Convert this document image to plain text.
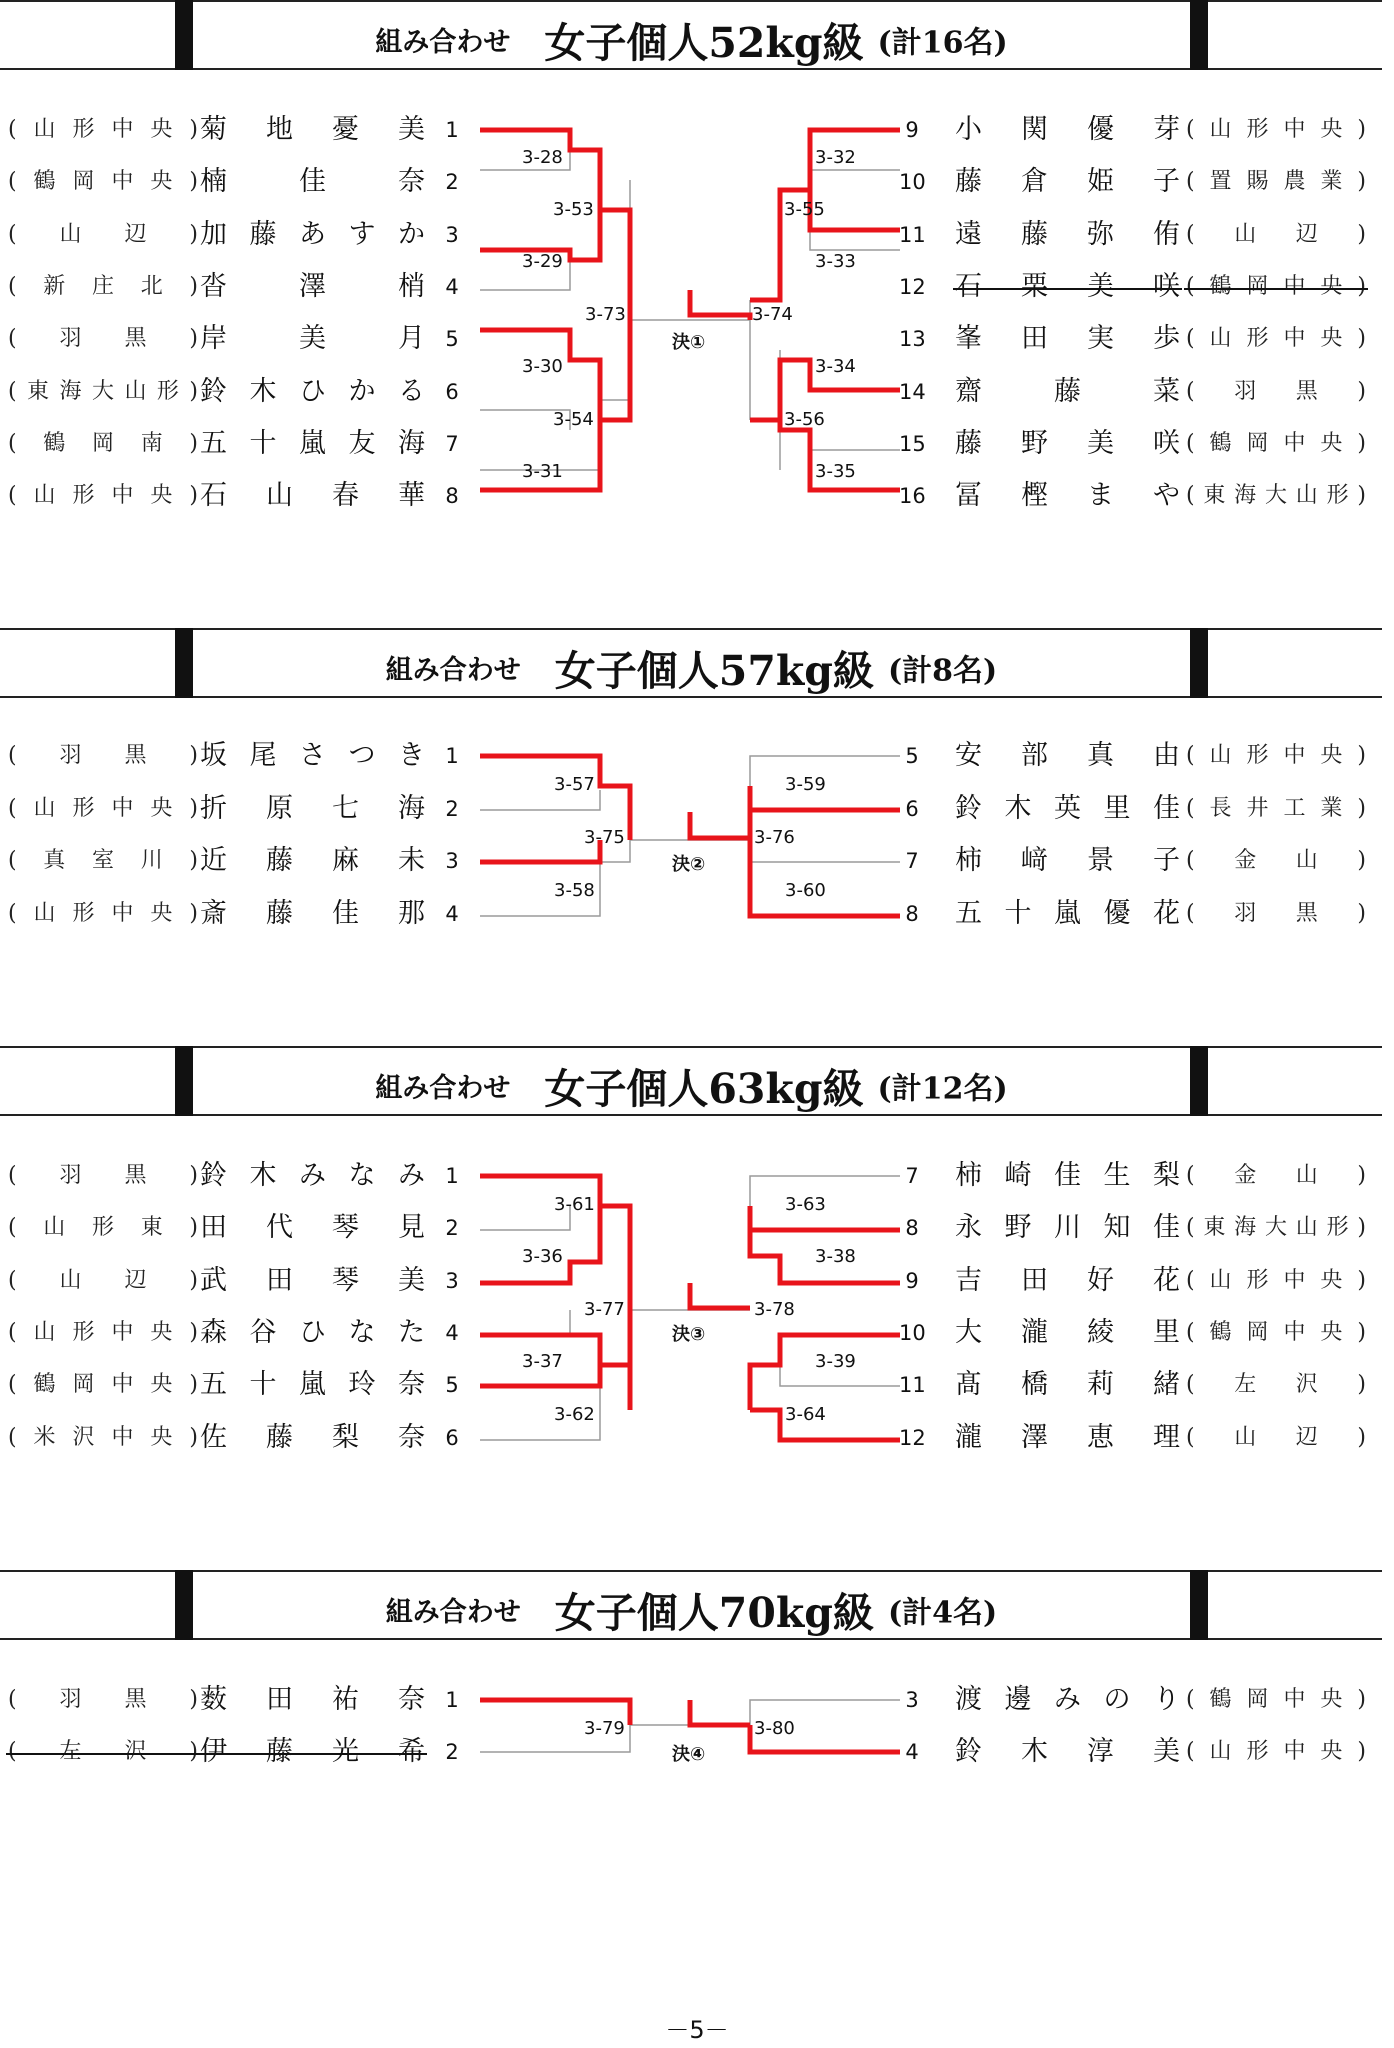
組み合わせ 女子個人52kg級 (計16名)
( 山 形 中 央 ) 菊 地 憂 美 1
( 鶴 岡 中 央 ) 楠	佳	奈 2
( 山 辺 ) 加 藤 あ す か 3
( 新 庄 北 ) 沓	澤	梢 4
( 羽 黒 ) 岸	美	月 5
( 東 海 大 山 形 ) 鈴 木 ひ か る 6
( 鶴 岡 南 ) 五 十 嵐 友 海 7
( 山 形 中 央 ) 石 山 春 華 8
( 山 形 中 央 )
小 関 優 芽
9
( 置 賜 農 業 )
藤 倉 姫 子
10
( 山 辺 )
遠 藤 弥 侑
11
( 鶴 岡 中 央 )
石 栗 美 咲
12
( 山 形 中 央 )
峯 田 実 歩
13
( 羽 黒 )
齋	藤	菜
14
( 鶴 岡 中 央 )
藤 野 美 咲
15
( 東 海 大 山 形 )
冨 樫 ま や
16
3-28
3-29
3-30
3-31
3-53
3-54
3-73
3-32
3-33
3-34
3-35
3-55
3-56
3-74
決①
組み合わせ 女子個人57kg級 (計8名)
( 羽 黒 ) 坂 尾 さ つ き 1
( 山 形 中 央 ) 折 原 七 海 2
( 真 室 川 ) 近 藤 麻 未 3
( 山 形 中 央 ) 斎 藤 佳 那 4
( 山 形 中 央 )
安 部 真 由
5
( 長 井 工 業 )
鈴 木 英 里 佳
6
( 金 山 )
柿 﨑 景 子
7
( 羽 黒 )
五 十 嵐 優 花
8
3-57
3-58
3-75
3-59
3-60
3-76
決②
組み合わせ 女子個人63kg級 (計12名)
( 羽 黒 ) 鈴 木 み な み 1
( 山 形 東 ) 田 代 琴 見 2
( 山 辺 ) 武 田 琴 美 3
( 山 形 中 央 ) 森 谷 ひ な た 4
( 鶴 岡 中 央 ) 五 十 嵐 玲 奈 5
( 米 沢 中 央 ) 佐 藤 梨 奈 6
( 金 山 )
柿 崎 佳 生 梨
7
( 東 海 大 山 形 )
永 野 川 知 佳
8
( 山 形 中 央 )
吉 田 好 花
9
( 鶴 岡 中 央 )
大 瀧 綾 里
10
( 左 沢 )
髙 橋 莉 緒
11
( 山 辺 )
瀧 澤 恵 理
12
3-61
3-36
3-37
3-62
3-77
3-63
3-38
3-39
3-64
3-78
決③
組み合わせ 女子個人70kg級 (計4名)
( 羽 黒 ) 薮 田 祐 奈 1
( 左 沢 ) 伊 藤 光 希 2
( 鶴 岡 中 央 )
渡 邊 み の り
3
( 山 形 中 央 )
鈴 木 淳 美
4
3-79	3-80
決④
－5－
